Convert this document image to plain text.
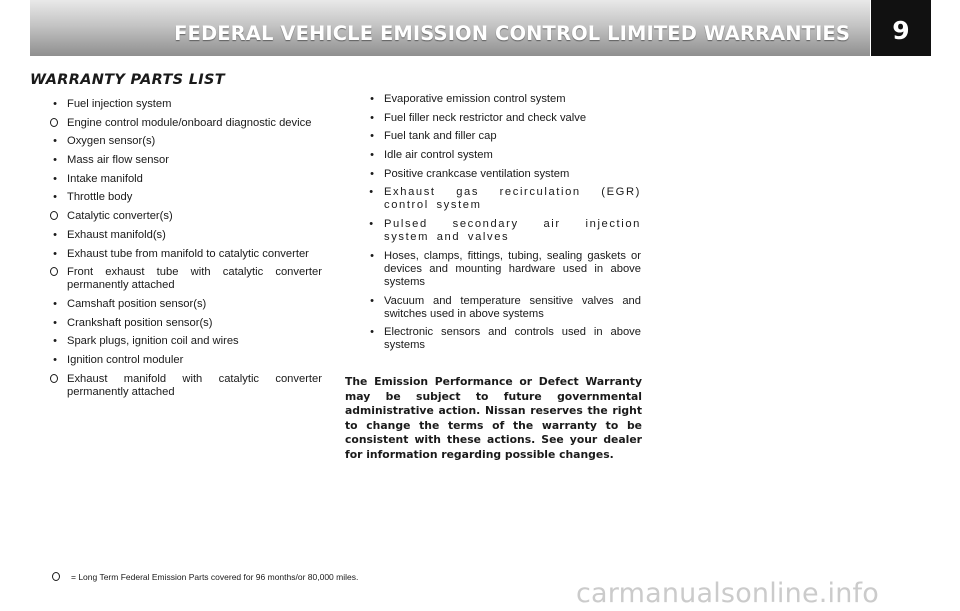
FEDERAL VEHICLE EMISSION CONTROL LIMITED WARRANTIES	9
WARRANTY PARTS LIST
• Fuel injection system
Engine control module/onboard diagnostic device
• Oxygen sensor(s)
• Mass air flow sensor
• Intake manifold
• Throttle body
Catalytic converter(s)
• Exhaust manifold(s)
• Exhaust tube from manifold to catalytic converter
Front exhaust tube with catalytic converter permanently attached
• Camshaft position sensor(s)
• Crankshaft position sensor(s)
• Spark plugs, ignition coil and wires
• Ignition control moduler
Exhaust manifold with catalytic converter permanently attached
• Evaporative emission control system
• Fuel filler neck restrictor and check valve
• Fuel tank and filler cap
• Idle air control system
• Positive crankcase ventilation system
• Exhaust gas recirculation (EGR) control system
• Pulsed secondary air injection system and valves
• Hoses, clamps, fittings, tubing, sealing gaskets or devices and mounting hardware used in above systems
• Vacuum and temperature sensitive valves and switches used in above systems
• Electronic sensors and controls used in above systems
The Emission Performance or Defect Warranty may be subject to future governmental administrative action. Nissan reserves the right to change the terms of the warranty to be consistent with these actions. See your dealer for information regarding possible changes.
= Long Term Federal Emission Parts covered for 96 months/or 80,000 miles.
carmanualsonline.info
